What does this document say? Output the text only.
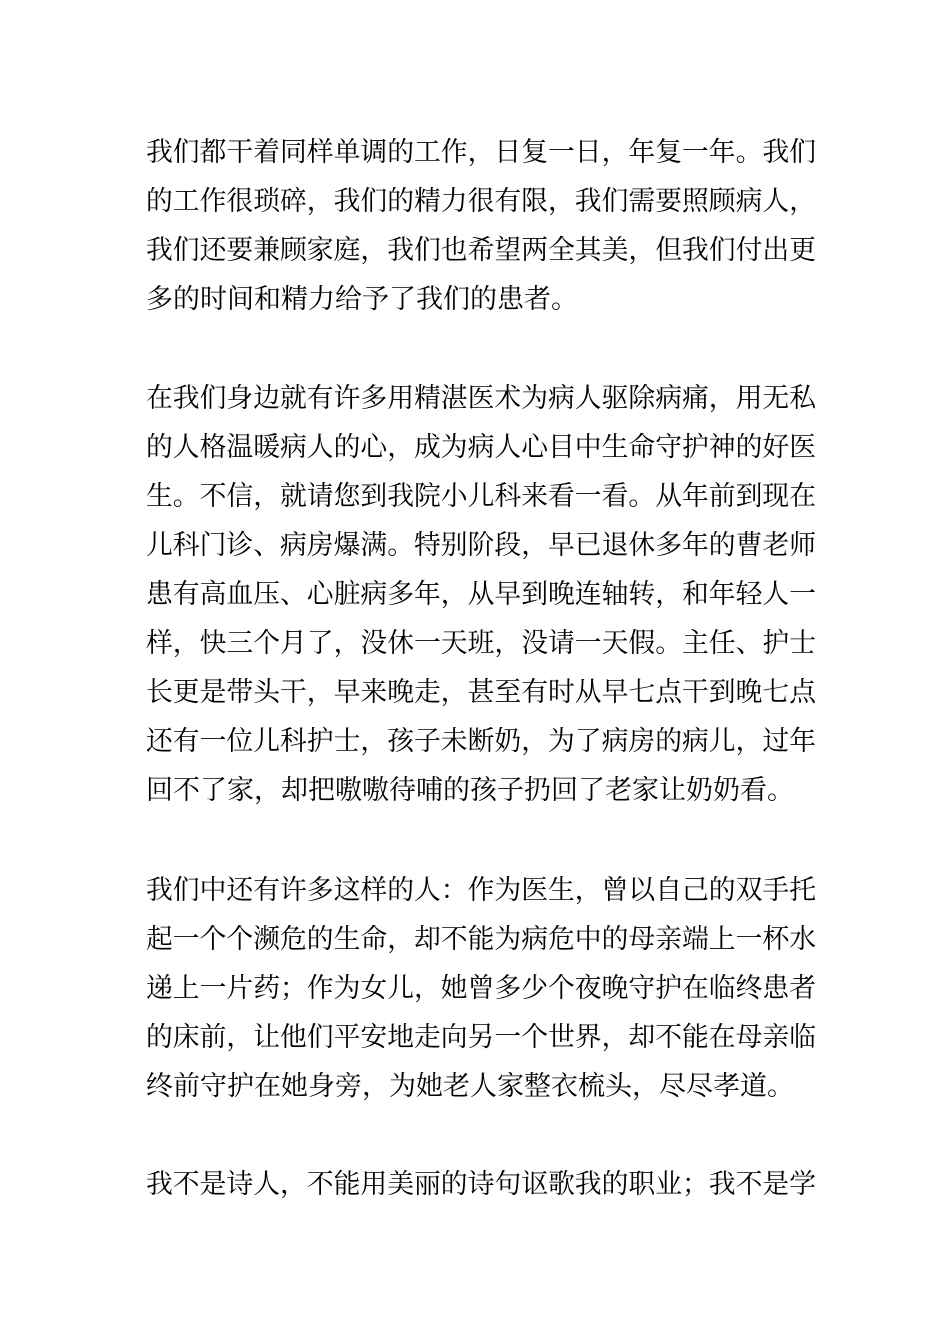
我们都干着同样单调的工作，日复一日，年复一年。我们
的工作很琐碎，我们的精力很有限，我们需要照顾病人，
我们还要兼顾家庭，我们也希望两全其美，但我们付出更
多的时间和精力给予了我们的患者。
在我们身边就有许多用精湛医术为病人驱除病痛，用无私
的人格温暖病人的心，成为病人心目中生命守护神的好医
生。不信，就请您到我院小儿科来看一看。从年前到现在
儿科门诊、病房爆满。特别阶段，早已退休多年的曹老师
患有高血压、心脏病多年，从早到晚连轴转，和年轻人一
样，快三个月了，没休一天班，没请一天假。主任、护士
长更是带头干，早来晚走，甚至有时从早七点干到晚七点
还有一位儿科护士，孩子未断奶，为了病房的病儿，过年
回不了家，却把嗷嗷待哺的孩子扔回了老家让奶奶看。
我们中还有许多这样的人：作为医生，曾以自己的双手托
起一个个濒危的生命，却不能为病危中的母亲端上一杯水
递上一片药；作为女儿，她曾多少个夜晚守护在临终患者
的床前，让他们平安地走向另一个世界，却不能在母亲临
终前守护在她身旁，为她老人家整衣梳头，尽尽孝道。
我不是诗人，不能用美丽的诗句讴歌我的职业；我不是学
